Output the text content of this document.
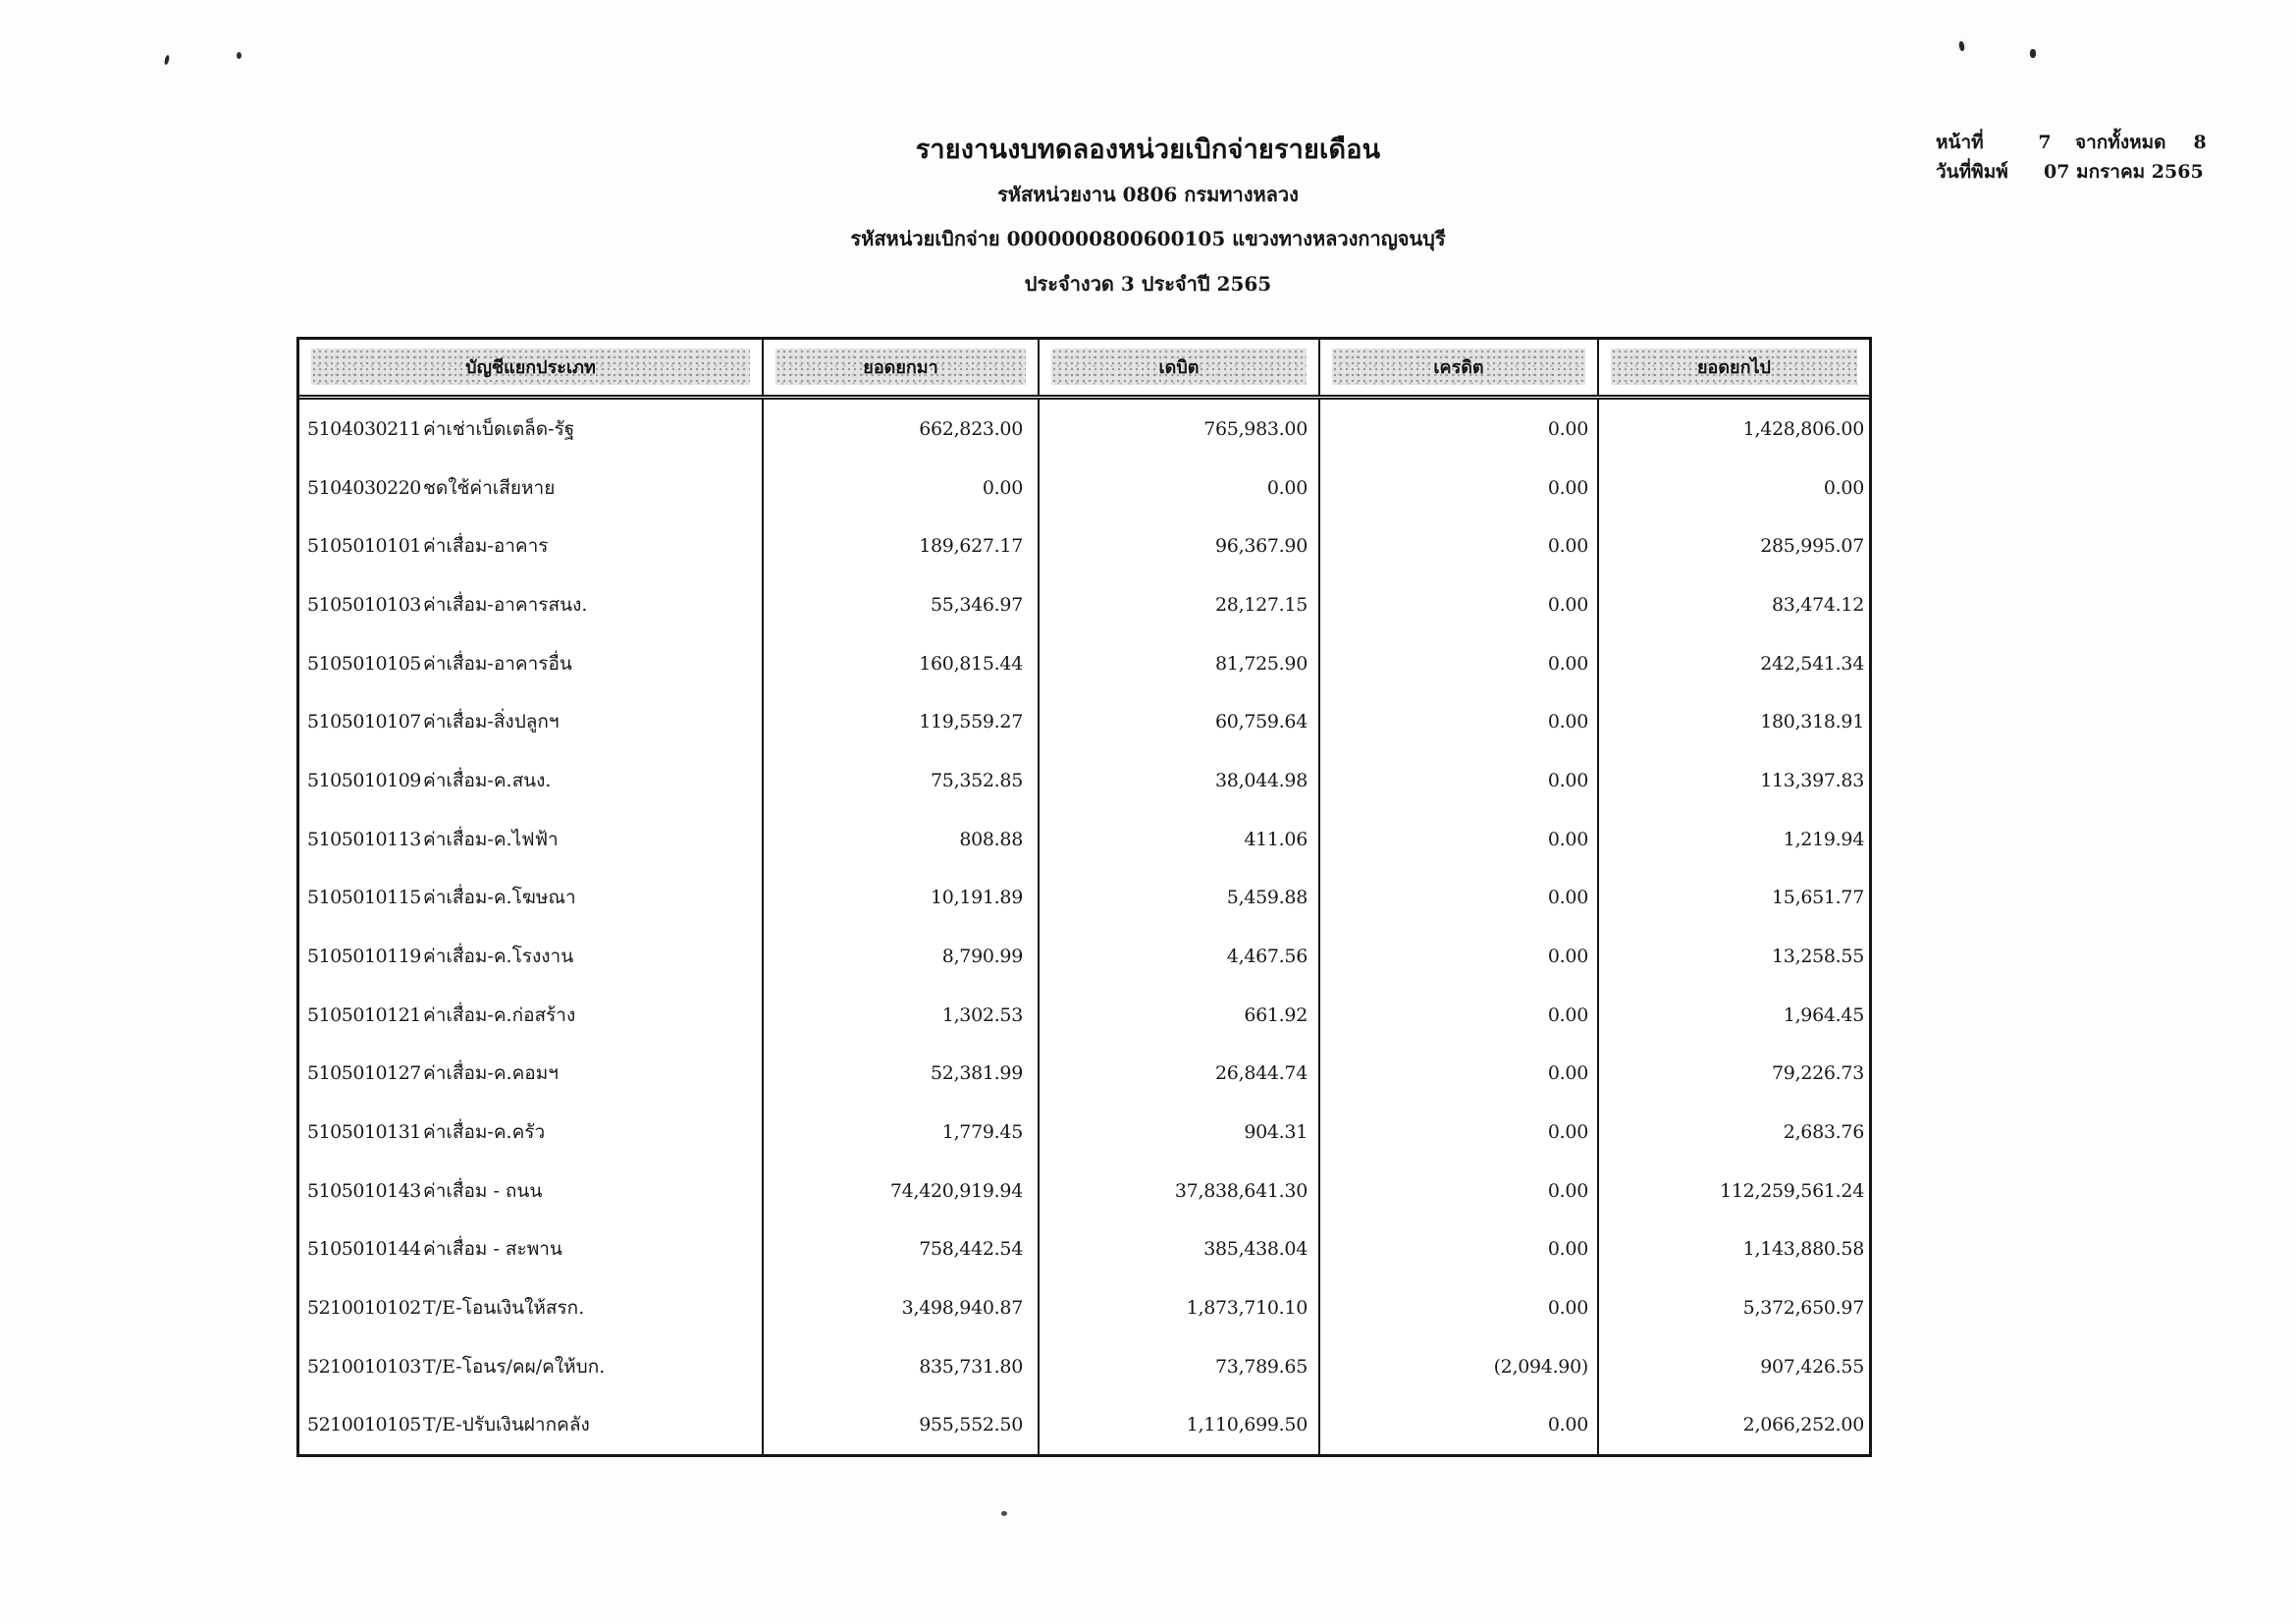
รายงานงบทดลองหน่วยเบิกจ่ายรายเดือน
รหัสหน่วยงาน 0806 กรมทางหลวง
รหัสหน่วยเบิกจ่าย 0000000800600105 แขวงทางหลวงกาญจนบุรี
ประจำงวด 3 ประจำปี 2565
หน้าที่	7	จากทั้งหมด 8
วันที่พิมพ์	07 มกราคม 2565
บัญชีแยกประเภท	ยอดยกมา	เดบิต	เครดิต	ยอดยกไป
5104030211 ค่าเช่าเบ็ดเตล็ด-รัฐ	662,823.00	765,983.00	0.00	1,428,806.00
5104030220 ชดใช้ค่าเสียหาย	0.00	0.00	0.00	0.00
5105010101 ค่าเสื่อม-อาคาร	189,627.17	96,367.90	0.00	285,995.07
5105010103 ค่าเสื่อม-อาคารสนง.	55,346.97	28,127.15	0.00	83,474.12
5105010105 ค่าเสื่อม-อาคารอื่น	160,815.44	81,725.90	0.00	242,541.34
5105010107 ค่าเสื่อม-สิ่งปลูกฯ	119,559.27	60,759.64	0.00	180,318.91
5105010109 ค่าเสื่อม-ค.สนง.	75,352.85	38,044.98	0.00	113,397.83
5105010113 ค่าเสื่อม-ค.ไฟฟ้า	808.88	411.06	0.00	1,219.94
5105010115 ค่าเสื่อม-ค.โฆษณา	10,191.89	5,459.88	0.00	15,651.77
5105010119 ค่าเสื่อม-ค.โรงงาน	8,790.99	4,467.56	0.00	13,258.55
5105010121 ค่าเสื่อม-ค.ก่อสร้าง	1,302.53	661.92	0.00	1,964.45
5105010127 ค่าเสื่อม-ค.คอมฯ	52,381.99	26,844.74	0.00	79,226.73
5105010131 ค่าเสื่อม-ค.ครัว	1,779.45	904.31	0.00	2,683.76
5105010143 ค่าเสื่อม - ถนน	74,420,919.94	37,838,641.30	0.00	112,259,561.24
5105010144 ค่าเสื่อม - สะพาน	758,442.54	385,438.04	0.00	1,143,880.58
5210010102 T/E-โอนเงินให้สรก.	3,498,940.87	1,873,710.10	0.00	5,372,650.97
5210010103 T/E-โอนร/คผ/คให้บก.	835,731.80	73,789.65	(2,094.90)	907,426.55
5210010105 T/E-ปรับเงินฝากคลัง	955,552.50	1,110,699.50	0.00	2,066,252.00
